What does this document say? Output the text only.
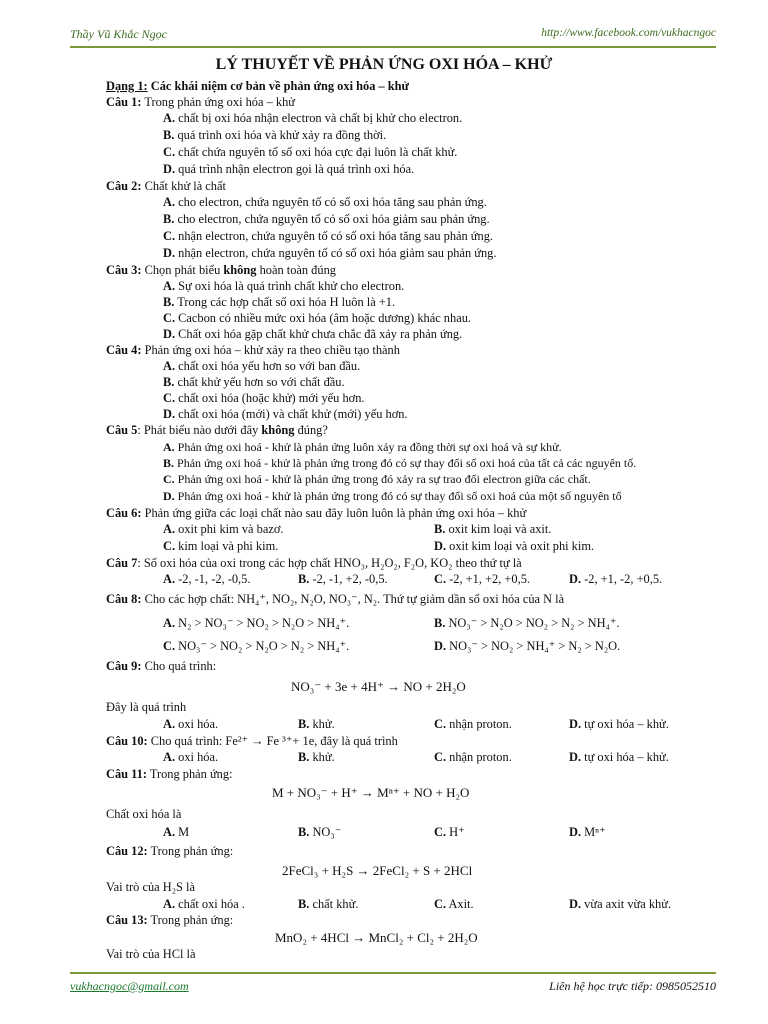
Thầy Vũ Khắc Ngọc	http://www.facebook.com/vukhacngoc
LÝ THUYẾT VỀ PHẢN ỨNG OXI HÓA – KHỬ
Dạng 1: Các khái niệm cơ bản về phản ứng oxi hóa – khử
Câu 1: Trong phản ứng oxi hóa – khử
A. chất bị oxi hóa nhận electron và chất bị khử cho electron.
B. quá trình oxi hóa và khử xảy ra đồng thời.
C. chất chứa nguyên tố số oxi hóa cực đại luôn là chất khử.
D. quá trình nhận electron gọi là quá trình oxi hóa.
Câu 2: Chất khử là chất
A. cho electron, chứa nguyên tố có số oxi hóa tăng sau phản ứng.
B. cho electron, chứa nguyên tố có số oxi hóa giảm sau phản ứng.
C. nhận electron, chứa nguyên tố có số oxi hóa tăng sau phản ứng.
D. nhận electron, chứa nguyên tố có số oxi hóa giảm sau phản ứng.
Câu 3: Chọn phát biểu không hoàn toàn đúng
A. Sự oxi hóa là quá trình chất khử cho electron.
B. Trong các hợp chất số oxi hóa H luôn là +1.
C. Cacbon có nhiều mức oxi hóa (âm hoặc dương) khác nhau.
D. Chất oxi hóa gặp chất khử chưa chắc đã xảy ra phản ứng.
Câu 4: Phản ứng oxi hóa – khử xảy ra theo chiều tạo thành
A. chất oxi hóa yếu hơn so với ban đầu.
B. chất khử yếu hơn so với chất đầu.
C. chất oxi hóa (hoặc khử) mới yếu hơn.
D. chất oxi hóa (mới) và chất khử (mới) yếu hơn.
Câu 5: Phát biểu nào dưới đây không đúng?
A. Phản ứng oxi hoá - khử là phản ứng luôn xảy ra đồng thời sự oxi hoá và sự khử.
B. Phản ứng oxi hoá - khử là phản ứng trong đó có sự thay đổi số oxi hoá của tất cả các nguyên tố.
C. Phản ứng oxi hoá - khử là phản ứng trong đó xảy ra sự trao đổi electron giữa các chất.
D. Phản ứng oxi hoá - khử là phản ứng trong đó có sự thay đổi số oxi hoá của một số nguyên tố
Câu 6: Phản ứng giữa các loại chất nào sau đây luôn luôn là phản ứng oxi hóa – khử
A. oxit phi kim và bazơ.	B. oxit kim loại và axit.
C. kim loại và phi kim.	D. oxit kim loại và oxit phi kim.
Câu 7: Số oxi hóa của oxi trong các hợp chất HNO₃, H₂O₂, F₂O, KO₂ theo thứ tự là
A. -2, -1, -2, -0,5.	B. -2, -1, +2, -0,5.	C. -2, +1, +2, +0,5.	D. -2, +1, -2, +0,5.
Câu 8: Cho các hợp chất: NH₄⁺, NO₂, N₂O, NO₃⁻, N₂. Thứ tự giảm dần số oxi hóa của N là
A. N₂ > NO₃⁻ > NO₂ > N₂O > NH₄⁺.	B. NO₃⁻ > N₂O > NO₂ > N₂ > NH₄⁺.
C. NO₃⁻ > NO₂ > N₂O > N₂ > NH₄⁺.	D. NO₃⁻ > NO₂ > NH₄⁺ > N₂ > N₂O.
Câu 9: Cho quá trình:
NO₃⁻ + 3e + 4H⁺ → NO + 2H₂O
Đây là quá trình
A. oxi hóa.	B. khử.	C. nhận proton.	D. tự oxi hóa – khử.
Câu 10: Cho quá trình: Fe²⁺ → Fe ³⁺+ 1e, đây là quá trình
A. oxi hóa.	B. khử.	C. nhận proton.	D. tự oxi hóa – khử.
Câu 11: Trong phản ứng:
M + NO₃⁻ + H⁺ → Mⁿ⁺ + NO + H₂O
Chất oxi hóa là
A. M	B. NO₃⁻	C. H⁺	D. Mⁿ⁺
Câu 12: Trong phản ứng:
2FeCl₃ + H₂S → 2FeCl₂ + S + 2HCl
Vai trò của H₂S là
A. chất oxi hóa .	B. chất khử.	C. Axit.	D. vừa axit vừa khử.
Câu 13: Trong phản ứng:
MnO₂ + 4HCl → MnCl₂ + Cl₂ + 2H₂O
Vai trò của HCl là
vukhacngoc@gmail.com	Liên hệ học trực tiếp: 0985052510
